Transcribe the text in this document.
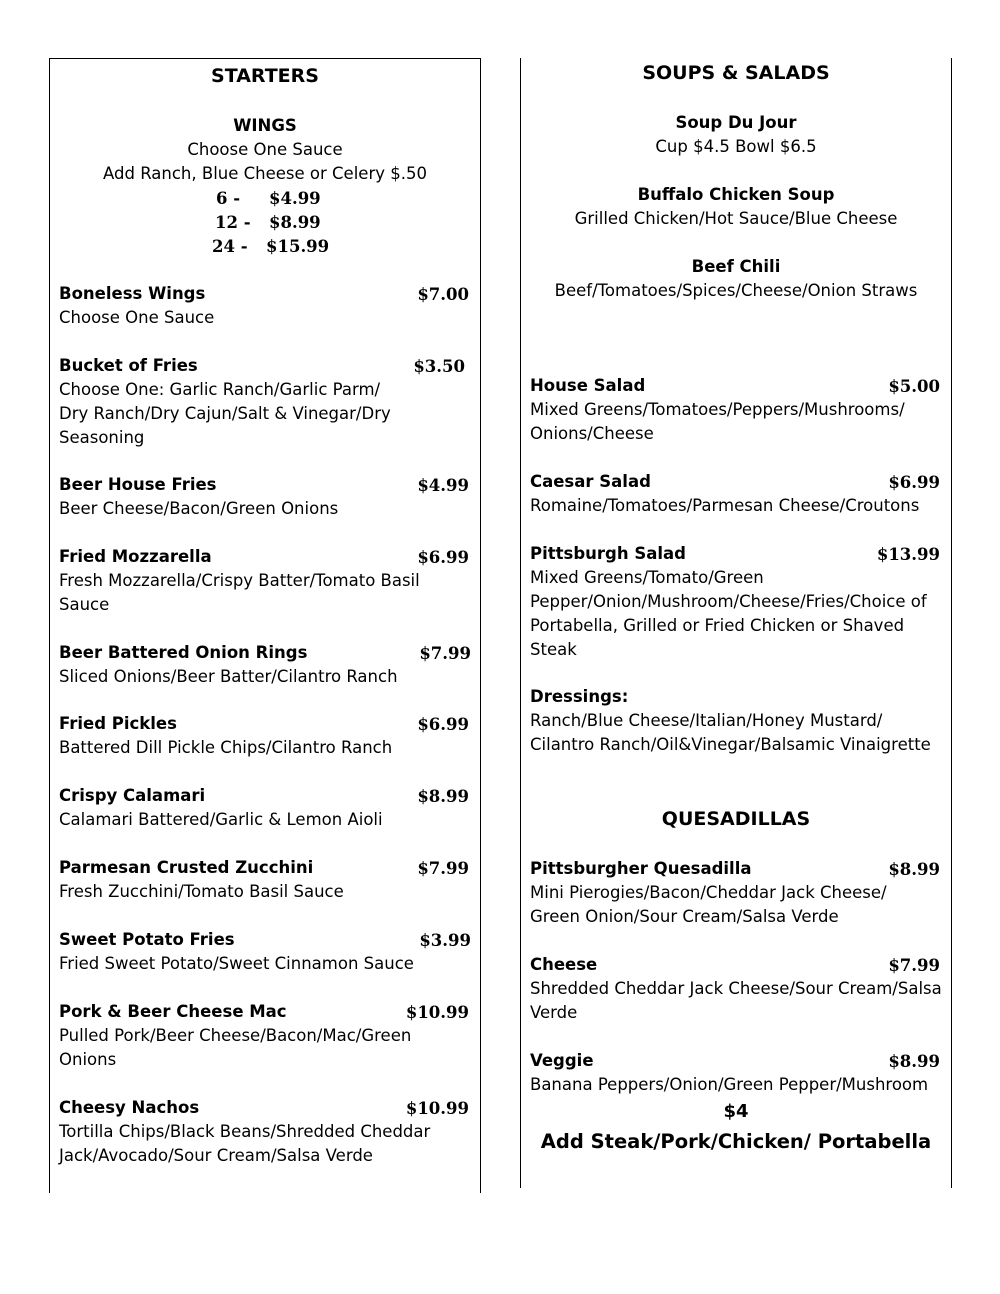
STARTERS
WINGS
Choose One Sauce
Add Ranch, Blue Cheese or Celery $.50
6 - $4.99
12 - $8.99
24 - $15.99
Boneless Wings	$7.00
Choose One Sauce
Bucket of Fries	$3.50
Choose One: Garlic Ranch/Garlic Parm/ Dry Ranch/Dry Cajun/Salt & Vinegar/Dry Seasoning
Beer House Fries	$4.99
Beer Cheese/Bacon/Green Onions
Fried Mozzarella	$6.99
Fresh Mozzarella/Crispy Batter/Tomato Basil Sauce
Beer Battered Onion Rings	$7.99
Sliced Onions/Beer Batter/Cilantro Ranch
Fried Pickles	$6.99
Battered Dill Pickle Chips/Cilantro Ranch
Crispy Calamari	$8.99
Calamari Battered/Garlic & Lemon Aioli
Parmesan Crusted Zucchini	$7.99
Fresh Zucchini/Tomato Basil Sauce
Sweet Potato Fries	$3.99
Fried Sweet Potato/Sweet Cinnamon Sauce
Pork & Beer Cheese Mac	$10.99
Pulled Pork/Beer Cheese/Bacon/Mac/Green Onions
Cheesy Nachos	$10.99
Tortilla Chips/Black Beans/Shredded Cheddar Jack/Avocado/Sour Cream/Salsa Verde
SOUPS & SALADS
Soup Du Jour
Cup $4.5 Bowl $6.5
Buffalo Chicken Soup
Grilled Chicken/Hot Sauce/Blue Cheese
Beef Chili
Beef/Tomatoes/Spices/Cheese/Onion Straws
House Salad	$5.00
Mixed Greens/Tomatoes/Peppers/Mushrooms/ Onions/Cheese
Caesar Salad	$6.99
Romaine/Tomatoes/Parmesan Cheese/Croutons
Pittsburgh Salad	$13.99
Mixed Greens/Tomato/Green Pepper/Onion/Mushroom/Cheese/Fries/Choice of Portabella, Grilled or Fried Chicken or Shaved Steak
Dressings:
Ranch/Blue Cheese/Italian/Honey Mustard/ Cilantro Ranch/Oil&Vinegar/Balsamic Vinaigrette
QUESADILLAS
Pittsburgher Quesadilla	$8.99
Mini Pierogies/Bacon/Cheddar Jack Cheese/ Green Onion/Sour Cream/Salsa Verde
Cheese	$7.99
Shredded Cheddar Jack Cheese/Sour Cream/Salsa Verde
Veggie	$8.99
Banana Peppers/Onion/Green Pepper/Mushroom
$4
Add Steak/Pork/Chicken/ Portabella
